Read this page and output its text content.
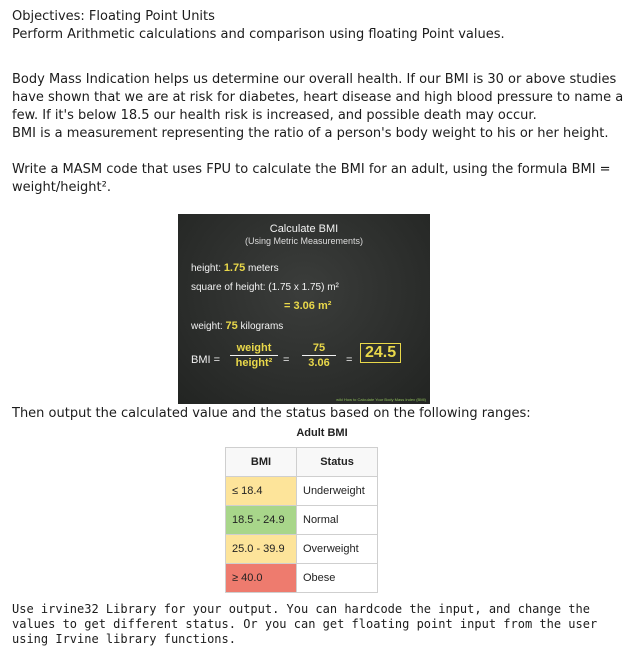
Objectives: Floating Point Units

Perform Arithmetic calculations and comparison using floating Point values.

Body Mass Indication helps us determine our overall health. If our BMI is 30 or above studies have shown that we are at risk for diabetes, heart disease and high blood pressure to name a few. If it's below 18.5 our health risk is increased, and possible death may occur.

BMI is a measurement representing the ratio of a person's body weight to his or her height.

Write a MASM code that uses FPU to calculate the BMI for an adult, using the formula BMI = weight/height².

Calculate BMI
(Using Metric Measurements)
height: 1.75 meters
square of height: (1.75 x 1.75) m²
= 3.06 m²
weight: 75 kilograms
BMI =
weight
height² =
75
3.06	= 24.5
wiki How to Calculate Your Body Mass Index (BMI)

Then output the calculated value and the status based on the following ranges:

Adult BMI
BMI	Status
≤ 18.4	Underweight
18.5 - 24.9	Normal
25.0 - 39.9	Overweight
≥ 40.0	Obese

Use irvine32 Library for your output. You can hardcode the input, and change the values to get different status. Or you can get floating point input from the user using Irvine library functions.
